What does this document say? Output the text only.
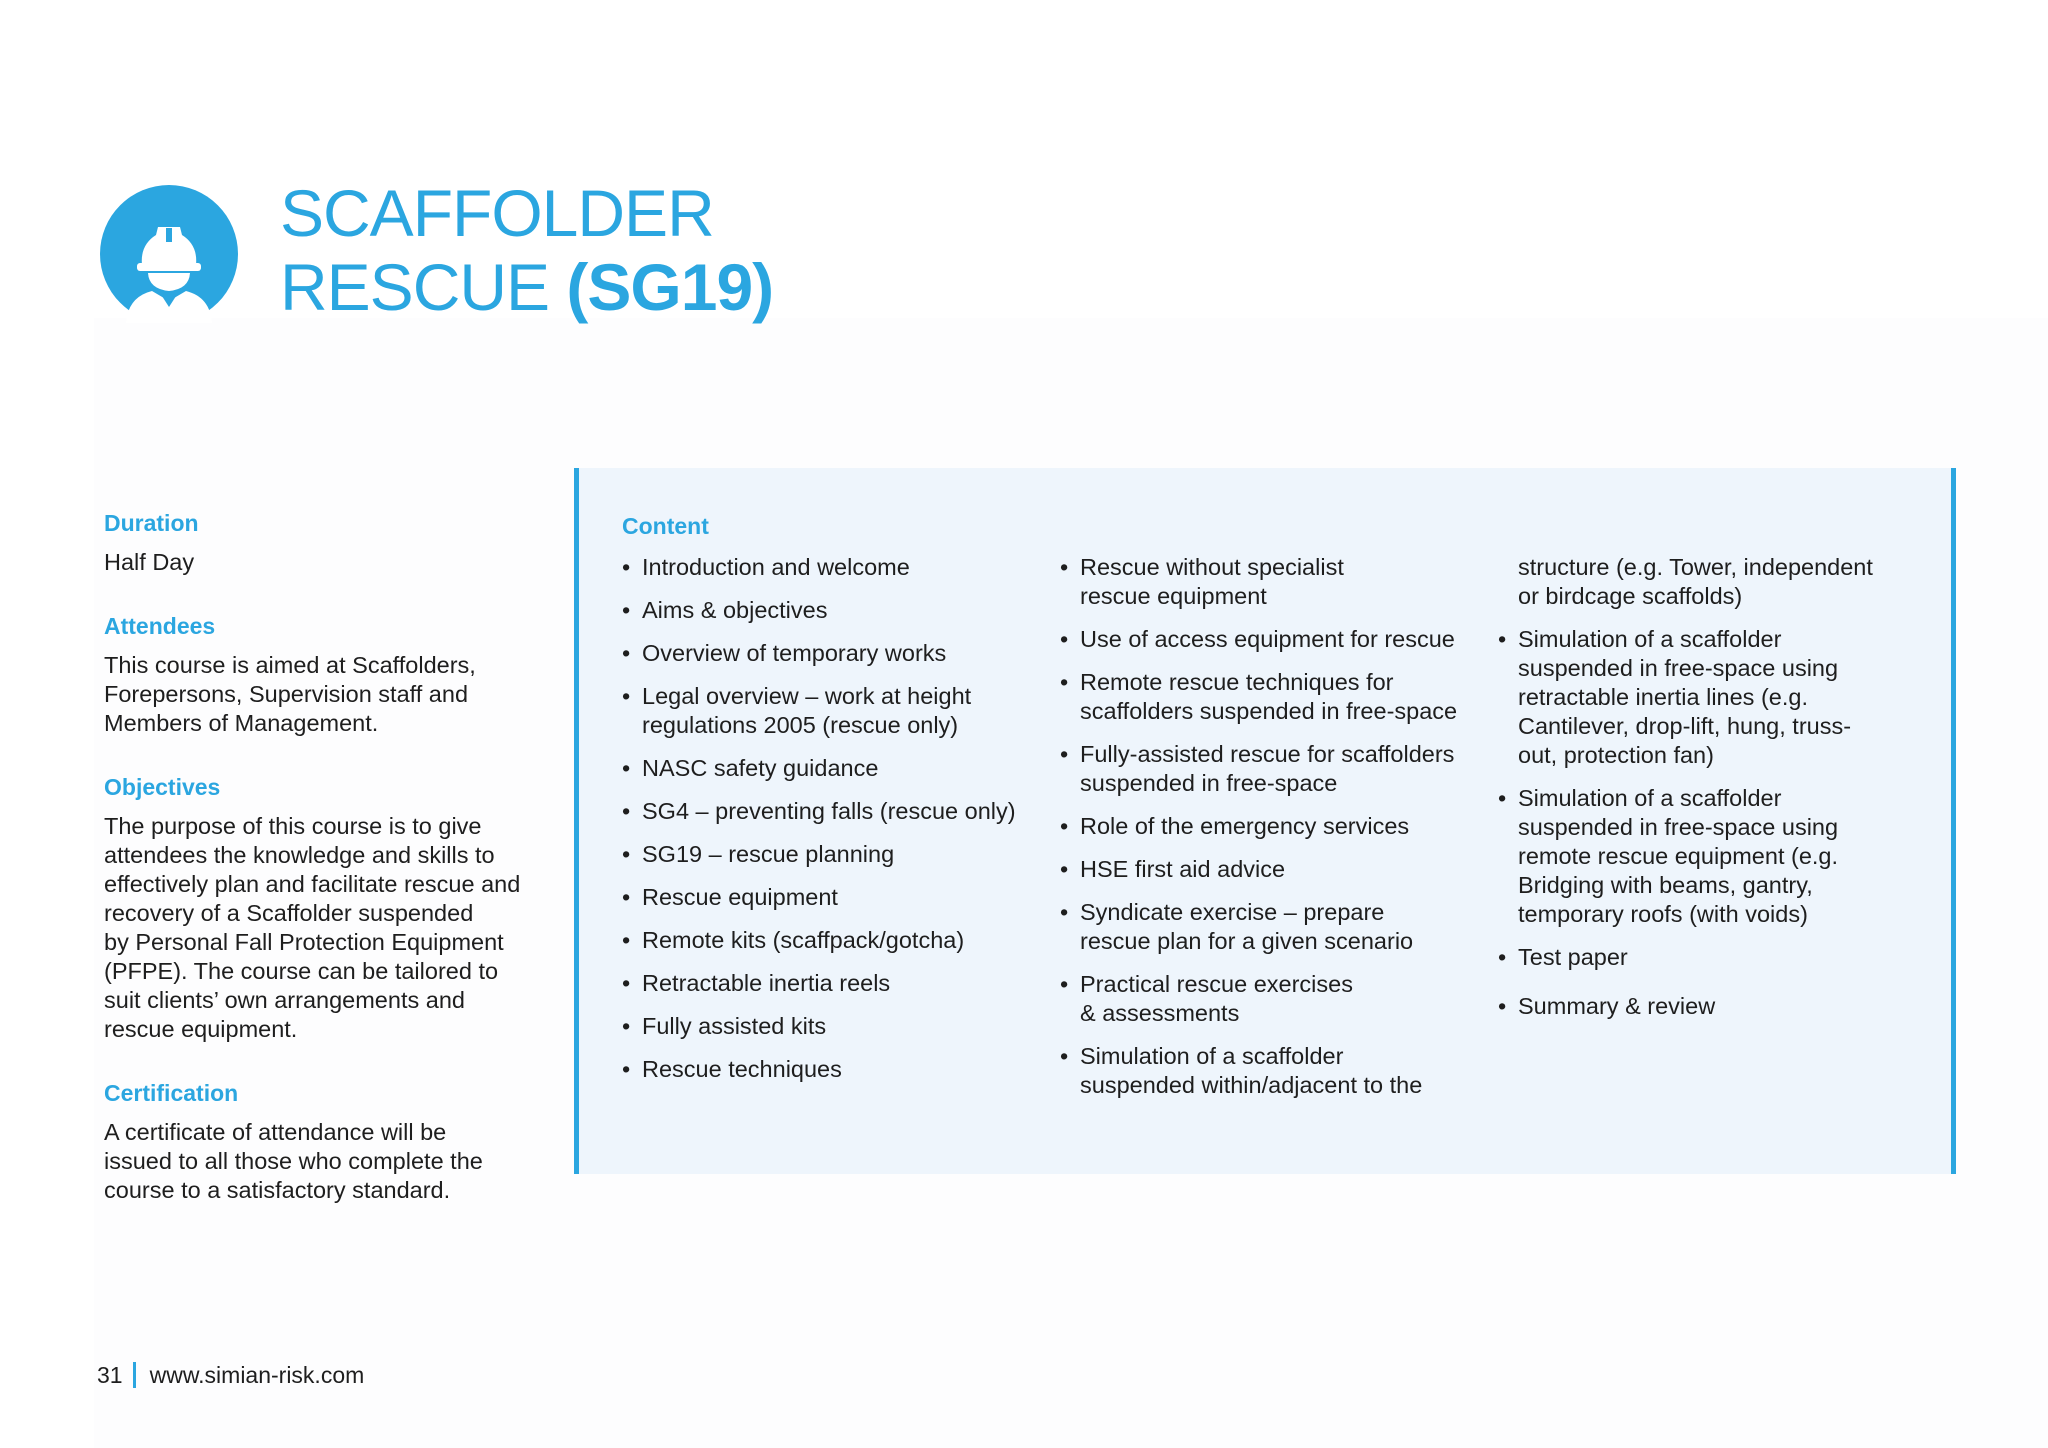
SCAFFOLDER
RESCUE (SG19)

Duration

Half Day

Attendees

This course is aimed at Scaffolders,
Forepersons, Supervision staff and
Members of Management.

Objectives

The purpose of this course is to give
attendees the knowledge and skills to
effectively plan and facilitate rescue and
recovery of a Scaffolder suspended
by Personal Fall Protection Equipment
(PFPE). The course can be tailored to
suit clients’ own arrangements and
rescue equipment.

Certification

A certificate of attendance will be
issued to all those who complete the
course to a satisfactory standard.

Content

• Introduction and welcome
• Aims & objectives
• Overview of temporary works
• Legal overview – work at height
regulations 2005 (rescue only)
• NASC safety guidance
• SG4 – preventing falls (rescue only)
• SG19 – rescue planning
• Rescue equipment
• Remote kits (scaffpack/gotcha)
• Retractable inertia reels
• Fully assisted kits
• Rescue techniques
• Rescue without specialist
rescue equipment
• Use of access equipment for rescue
• Remote rescue techniques for
scaffolders suspended in free-space
• Fully-assisted rescue for scaffolders
suspended in free-space
• Role of the emergency services
• HSE first aid advice
• Syndicate exercise – prepare
rescue plan for a given scenario
• Practical rescue exercises
& assessments
• Simulation of a scaffolder
suspended within/adjacent to the
structure (e.g. Tower, independent
or birdcage scaffolds)
• Simulation of a scaffolder
suspended in free-space using
retractable inertia lines (e.g.
Cantilever, drop-lift, hung, truss-
out, protection fan)
• Simulation of a scaffolder
suspended in free-space using
remote rescue equipment (e.g.
Bridging with beams, gantry,
temporary roofs (with voids)
• Test paper
• Summary & review
31 www.simian-risk.com
